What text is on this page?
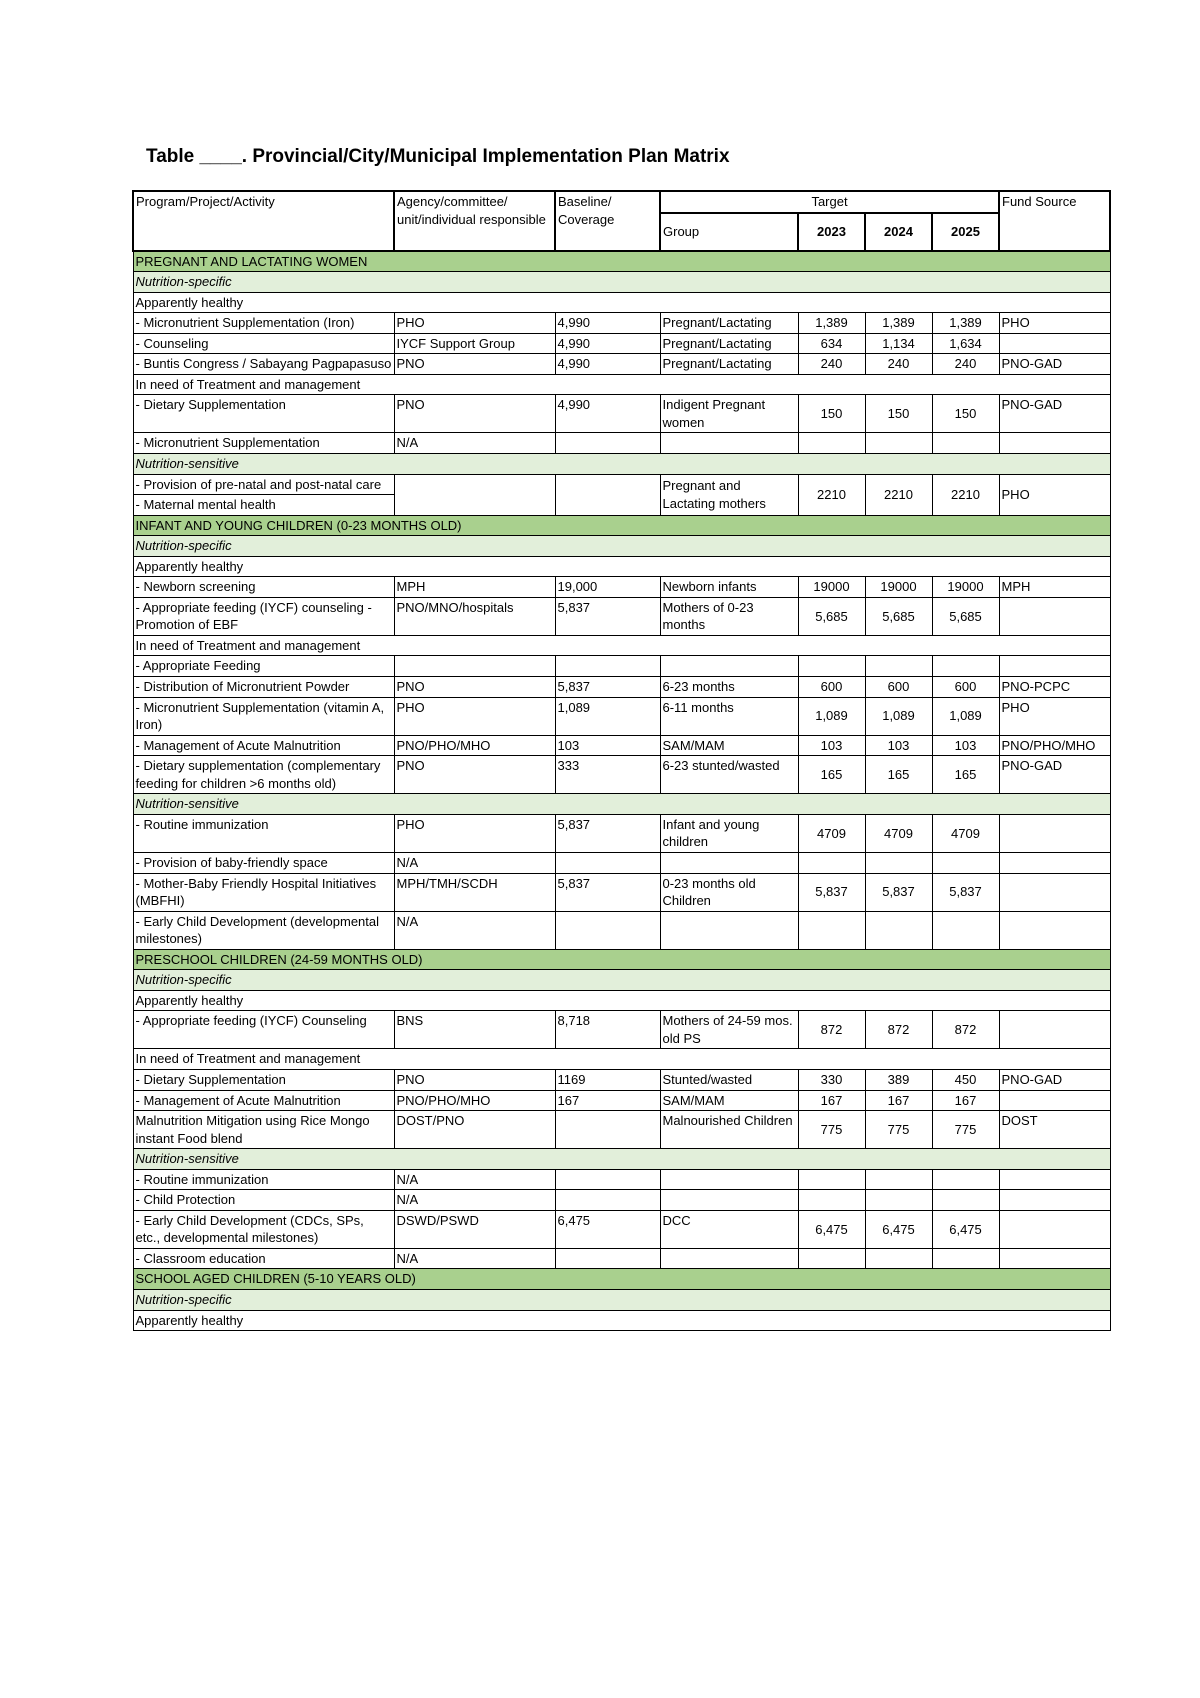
Table ____. Provincial/City/Municipal Implementation Plan Matrix
Program/Project/Activity	Agency/committee/ unit/individual responsible	Baseline/ Coverage	Target				Fund Source
			Group	2023	2024	2025	
PREGNANT AND LACTATING WOMEN							
Nutrition-specific							
Apparently healthy							
- Micronutrient Supplementation (Iron)	PHO	4,990	Pregnant/Lactating	1,389	1,389	1,389	PHO
- Counseling	IYCF Support Group	4,990	Pregnant/Lactating	634	1,134	1,634	
- Buntis Congress / Sabayang Pagpapasuso	PNO	4,990	Pregnant/Lactating	240	240	240	PNO-GAD
In need of Treatment and management							
- Dietary Supplementation	PNO	4,990	Indigent Pregnant women	150	150	150	PNO-GAD
- Micronutrient Supplementation	N/A						
Nutrition-sensitive							
- Provision of pre-natal and post-natal care			Pregnant and Lactating mothers	2210	2210	2210	PHO
- Maternal mental health							
INFANT AND YOUNG CHILDREN (0-23 MONTHS OLD)							
Nutrition-specific							
Apparently healthy							
- Newborn screening	MPH	19,000	Newborn infants	19000	19000	19000	MPH
- Appropriate feeding (IYCF) counseling -Promotion of EBF	PNO/MNO/hospitals	5,837	Mothers of 0-23 months	5,685	5,685	5,685	
In need of Treatment and management							
- Appropriate Feeding							
- Distribution of Micronutrient Powder	PNO	5,837	6-23 months	600	600	600	PNO-PCPC
- Micronutrient Supplementation (vitamin A, Iron)	PHO	1,089	6-11 months	1,089	1,089	1,089	PHO
- Management of Acute Malnutrition	PNO/PHO/MHO	103	SAM/MAM	103	103	103	PNO/PHO/MHO
- Dietary supplementation (complementary feeding for children >6 months old)	PNO	333	6-23 stunted/wasted	165	165	165	PNO-GAD
Nutrition-sensitive							
- Routine immunization	PHO	5,837	Infant and young children	4709	4709	4709	
- Provision of baby-friendly space	N/A						
- Mother-Baby Friendly Hospital Initiatives (MBFHI)	MPH/TMH/SCDH	5,837	0-23 months old Children	5,837	5,837	5,837	
- Early Child Development (developmental milestones)	N/A						
PRESCHOOL CHILDREN (24-59 MONTHS OLD)							
Nutrition-specific							
Apparently healthy							
- Appropriate feeding (IYCF) Counseling	BNS	8,718	Mothers of 24-59 mos. old PS	872	872	872	
In need of Treatment and management							
- Dietary Supplementation	PNO	1169	Stunted/wasted	330	389	450	PNO-GAD
- Management of Acute Malnutrition	PNO/PHO/MHO	167	SAM/MAM	167	167	167	
Malnutrition Mitigation using Rice Mongo instant Food blend	DOST/PNO		Malnourished Children	775	775	775	DOST
Nutrition-sensitive							
- Routine immunization	N/A						
- Child Protection	N/A						
- Early Child Development (CDCs, SPs, etc., developmental milestones)	DSWD/PSWD	6,475	DCC	6,475	6,475	6,475	
- Classroom education	N/A						
SCHOOL AGED CHILDREN (5-10 YEARS OLD)							
Nutrition-specific							
Apparently healthy							
